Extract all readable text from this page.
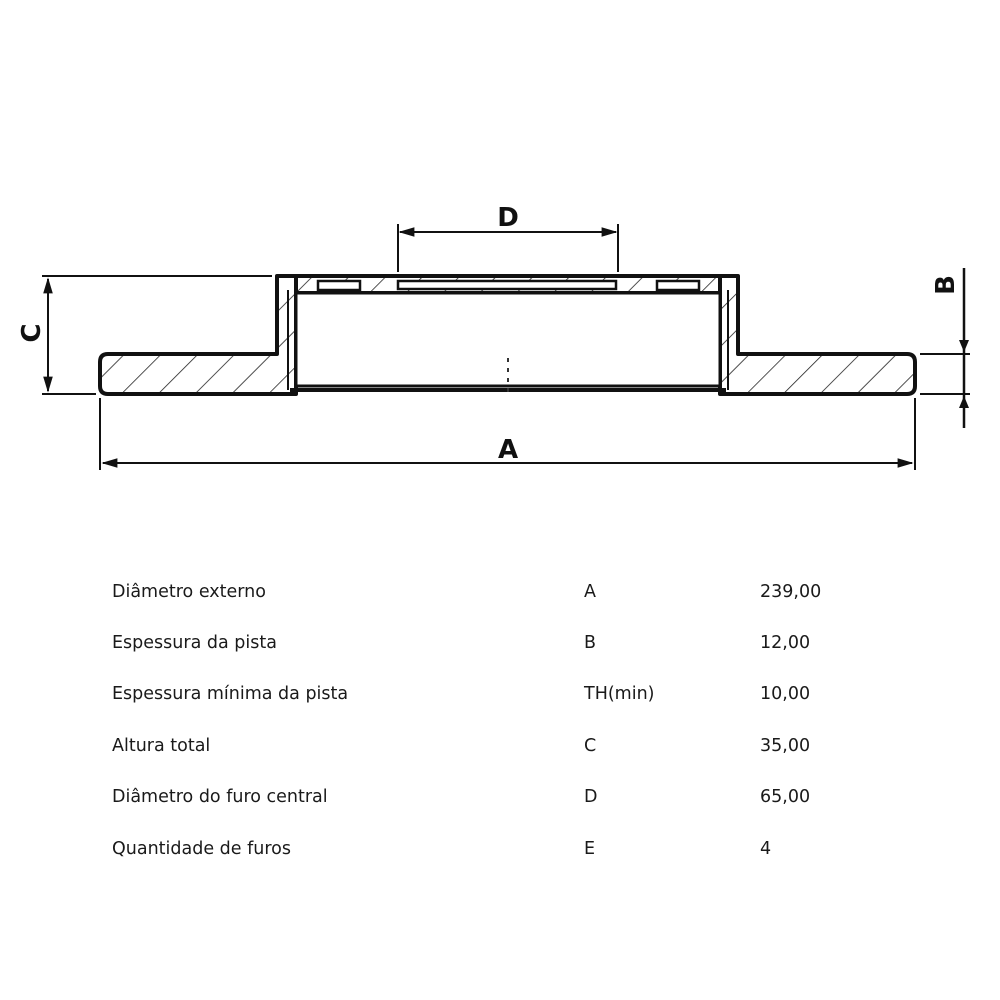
D
C
B
A
Diâmetro externo	A	239,00
Espessura da pista	B	12,00
Espessura mínima da pista	TH(min)	10,00
Altura total	C	35,00
Diâmetro do furo central	D	65,00
Quantidade de furos	E	4
